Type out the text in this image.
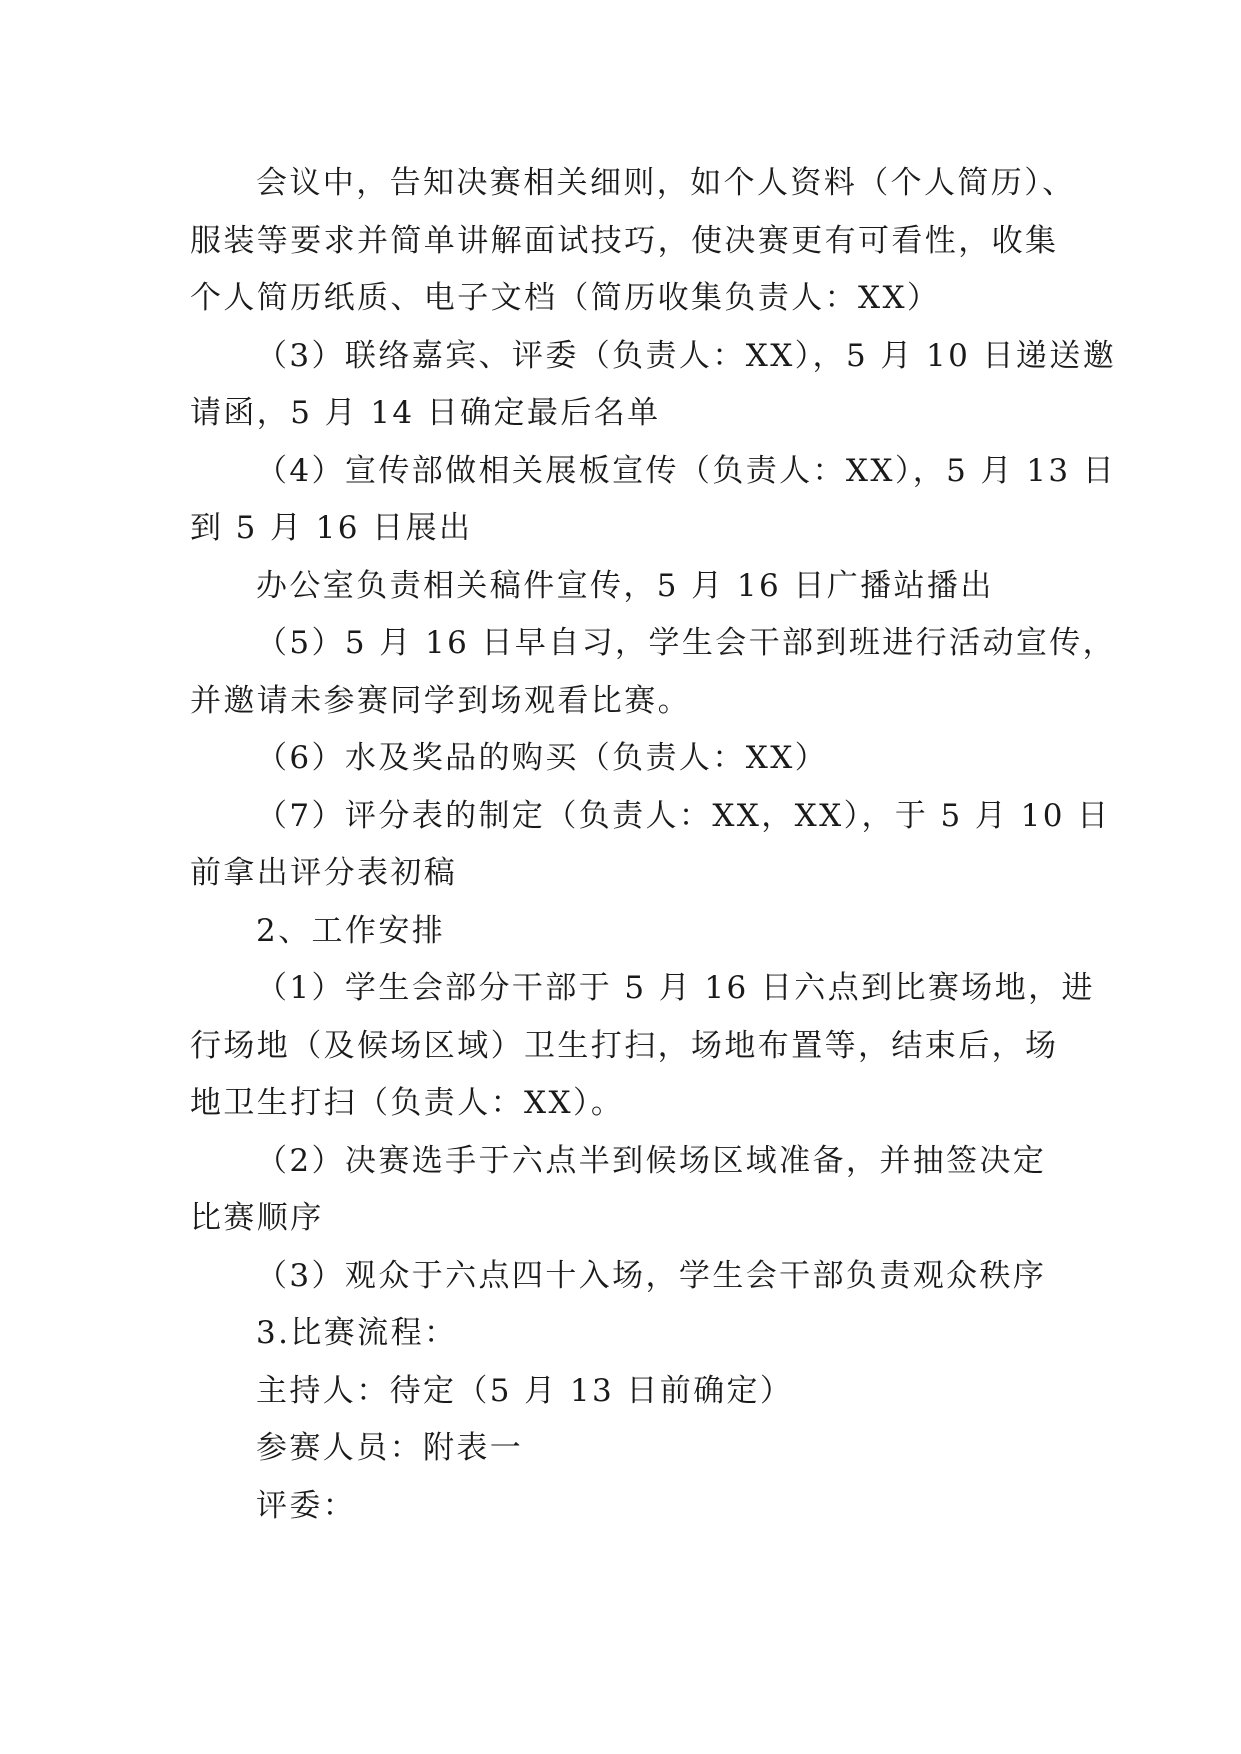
会议中，告知决赛相关细则，如个人资料（个人简历）、

服装等要求并简单讲解面试技巧，使决赛更有可看性，收集

个人简历纸质、电子文档（简历收集负责人：XX）

（3）联络嘉宾、评委（负责人：XX），5 月 10 日递送邀

请函，5 月 14 日确定最后名单

（4）宣传部做相关展板宣传（负责人：XX），5 月 13 日

到 5 月 16 日展出

办公室负责相关稿件宣传，5 月 16 日广播站播出

（5）5 月 16 日早自习，学生会干部到班进行活动宣传，

并邀请未参赛同学到场观看比赛。

（6）水及奖品的购买（负责人：XX）

（7）评分表的制定（负责人：XX，XX），于 5 月 10 日

前拿出评分表初稿

2、工作安排

（1）学生会部分干部于 5 月 16 日六点到比赛场地，进

行场地（及候场区域）卫生打扫，场地布置等，结束后，场

地卫生打扫（负责人：XX）。

（2）决赛选手于六点半到候场区域准备，并抽签决定

比赛顺序

（3）观众于六点四十入场，学生会干部负责观众秩序

3.比赛流程：

主持人：待定（5 月 13 日前确定）

参赛人员：附表一

评委：
